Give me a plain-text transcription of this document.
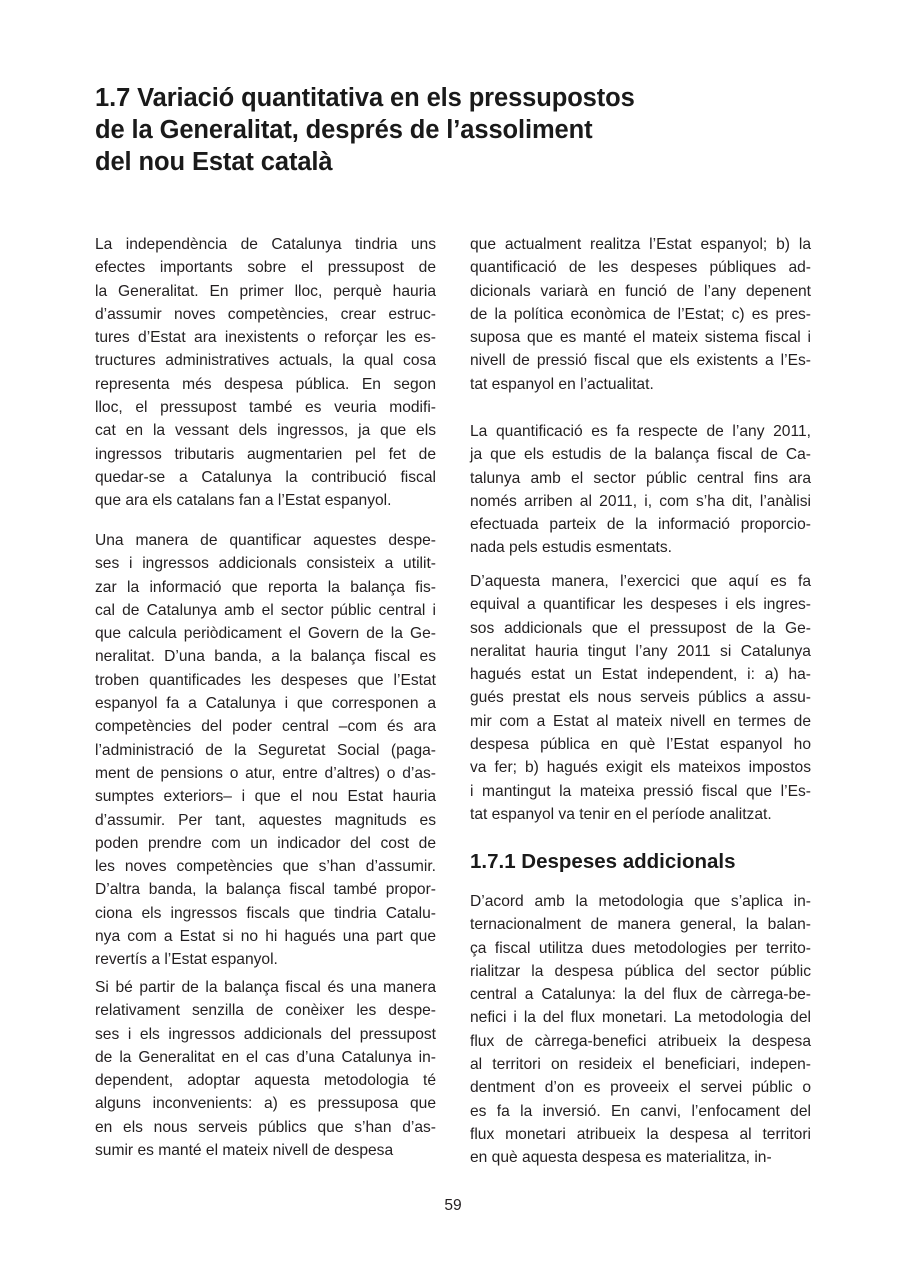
1.7 Variació quantitativa en els pressupostos
de la Generalitat, després de l’assoliment
del nou Estat català
La independència de Catalunya tindria uns
efectes importants sobre el pressupost de
la Generalitat. En primer lloc, perquè hauria
d’assumir noves competències, crear estruc-
tures d’Estat ara inexistents o reforçar les es-
tructures administratives actuals, la qual cosa
representa més despesa pública. En segon
lloc, el pressupost també es veuria modifi-
cat en la vessant dels ingressos, ja que els
ingressos tributaris augmentarien pel fet de
quedar-se a Catalunya la contribució fiscal
que ara els catalans fan a l’Estat espanyol.
Una manera de quantificar aquestes despe-
ses i ingressos addicionals consisteix a utilit-
zar la informació que reporta la balança fis-
cal de Catalunya amb el sector públic central i
que calcula periòdicament el Govern de la Ge-
neralitat. D’una banda, a la balança fiscal es
troben quantificades les despeses que l’Estat
espanyol fa a Catalunya i que corresponen a
competències del poder central –com és ara
l’administració de la Seguretat Social (paga-
ment de pensions o atur, entre d’altres) o d’as-
sumptes exteriors– i que el nou Estat hauria
d’assumir. Per tant, aquestes magnituds es
poden prendre com un indicador del cost de
les noves competències que s’han d’assumir.
D’altra banda, la balança fiscal també propor-
ciona els ingressos fiscals que tindria Catalu-
nya com a Estat si no hi hagués una part que
revertís a l’Estat espanyol.
Si bé partir de la balança fiscal és una manera
relativament senzilla de conèixer les despe-
ses i els ingressos addicionals del pressupost
de la Generalitat en el cas d’una Catalunya in-
dependent, adoptar aquesta metodologia té
alguns inconvenients: a) es pressuposa que
en els nous serveis públics que s’han d’as-
sumir es manté el mateix nivell de despesa
que actualment realitza l’Estat espanyol; b) la
quantificació de les despeses públiques ad-
dicionals variarà en funció de l’any depenent
de la política econòmica de l’Estat; c) es pres-
suposa que es manté el mateix sistema fiscal i
nivell de pressió fiscal que els existents a l’Es-
tat espanyol en l’actualitat.
La quantificació es fa respecte de l’any 2011,
ja que els estudis de la balança fiscal de Ca-
talunya amb el sector públic central fins ara
només arriben al 2011, i, com s’ha dit, l’anàlisi
efectuada parteix de la informació proporcio-
nada pels estudis esmentats.
D’aquesta manera, l’exercici que aquí es fa
equival a quantificar les despeses i els ingres-
sos addicionals que el pressupost de la Ge-
neralitat hauria tingut l’any 2011 si Catalunya
hagués estat un Estat independent, i: a) ha-
gués prestat els nous serveis públics a assu-
mir com a Estat al mateix nivell en termes de
despesa pública en què l’Estat espanyol ho
va fer; b) hagués exigit els mateixos impostos
i mantingut la mateixa pressió fiscal que l’Es-
tat espanyol va tenir en el període analitzat.
1.7.1 Despeses addicionals
D’acord amb la metodologia que s’aplica in-
ternacionalment de manera general, la balan-
ça fiscal utilitza dues metodologies per territo-
rialitzar la despesa pública del sector públic
central a Catalunya: la del flux de càrrega-be-
nefici i la del flux monetari. La metodologia del
flux de càrrega-benefici atribueix la despesa
al territori on resideix el beneficiari, indepen-
dentment d’on es proveeix el servei públic o
es fa la inversió. En canvi, l’enfocament del
flux monetari atribueix la despesa al territori
en què aquesta despesa es materialitza, in-
59
